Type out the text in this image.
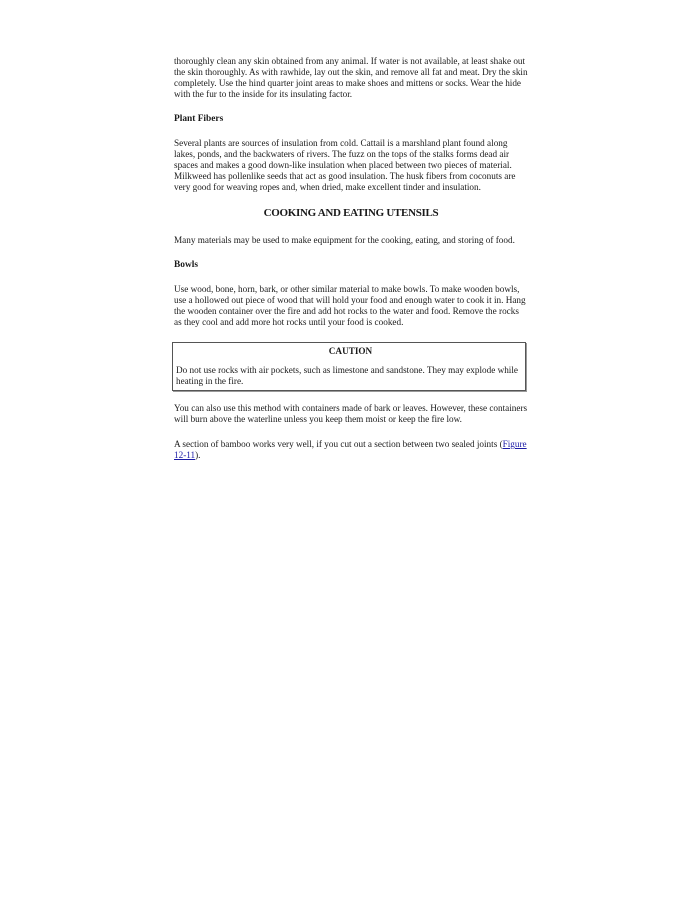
thoroughly clean any skin obtained from any animal. If water is not available, at least shake out the skin thoroughly. As with rawhide, lay out the skin, and remove all fat and meat. Dry the skin completely. Use the hind quarter joint areas to make shoes and mittens or socks. Wear the hide with the fur to the inside for its insulating factor.

Plant Fibers

Several plants are sources of insulation from cold. Cattail is a marshland plant found along lakes, ponds, and the backwaters of rivers. The fuzz on the tops of the stalks forms dead air spaces and makes a good down-like insulation when placed between two pieces of material. Milkweed has pollenlike seeds that act as good insulation. The husk fibers from coconuts are very good for weaving ropes and, when dried, make excellent tinder and insulation.

COOKING AND EATING UTENSILS

Many materials may be used to make equipment for the cooking, eating, and storing of food.

Bowls

Use wood, bone, horn, bark, or other similar material to make bowls. To make wooden bowls, use a hollowed out piece of wood that will hold your food and enough water to cook it in. Hang the wooden container over the fire and add hot rocks to the water and food. Remove the rocks as they cool and add more hot rocks until your food is cooked.

CAUTION

Do not use rocks with air pockets, such as limestone and sandstone. They may explode while heating in the fire.

You can also use this method with containers made of bark or leaves. However, these containers will burn above the waterline unless you keep them moist or keep the fire low.

A section of bamboo works very well, if you cut out a section between two sealed joints (Figure 12-11).
